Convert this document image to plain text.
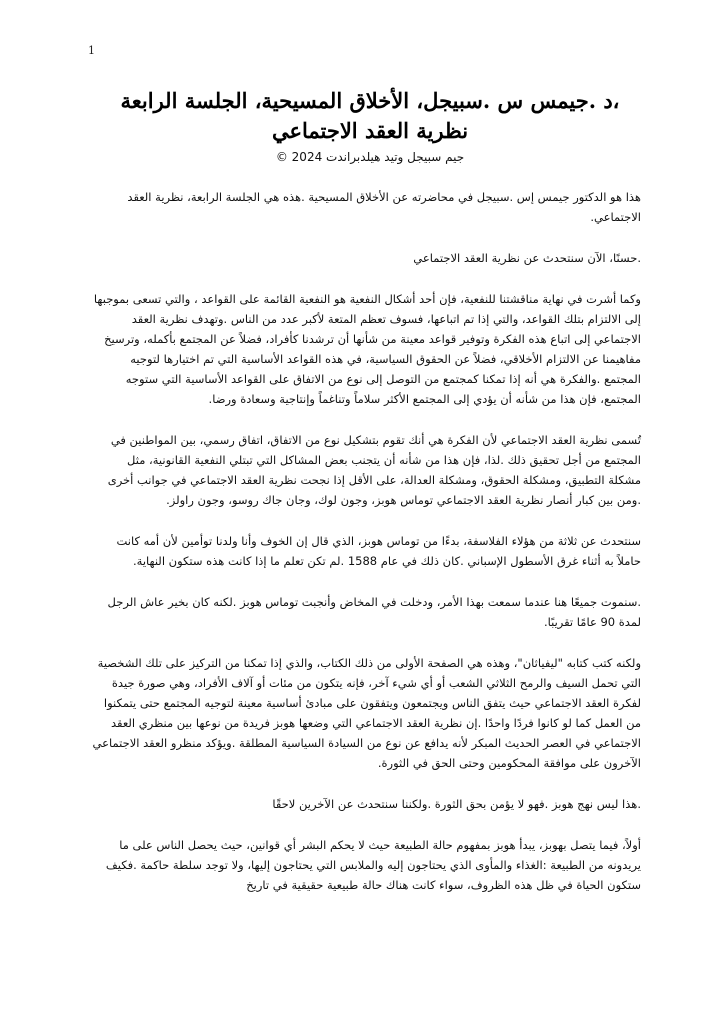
1
،د .جيمس س .سبيجل، الأخلاق المسيحية، الجلسة الرابعة
نظرية العقد الاجتماعي
جيم سبيجل وتيد هيلدبراندت 2024 ©

هذا هو الدكتور جيمس إس .سبيجل في محاضرته عن الأخلاق المسيحية .هذه هي الجلسة الرابعة، نظرية العقد الاجتماعي.

.حسنًا، الآن سنتحدث عن نظرية العقد الاجتماعي

وكما أشرت في نهاية مناقشتنا للنفعية، فإن أحد أشكال النفعية هو النفعية القائمة على القواعد ، والتي تسعى بموجبها إلى الالتزام بتلك القواعد، والتي إذا تم اتباعها، فسوف تعظم المتعة لأكبر عدد من الناس .وتهدف نظرية العقد الاجتماعي إلى اتباع هذه الفكرة وتوفير قواعد معينة من شأنها أن ترشدنا كأفراد، فضلاً عن المجتمع بأكمله، وترسيخ مفاهيمنا عن الالتزام الأخلاقي، فضلاً عن الحقوق السياسية، في هذه القواعد الأساسية التي تم اختيارها لتوجيه المجتمع .والفكرة هي أنه إذا تمكنا كمجتمع من التوصل إلى نوع من الاتفاق على القواعد الأساسية التي ستوجه المجتمع، فإن هذا من شأنه أن يؤدي إلى المجتمع الأكثر سلاماً وتناغماً وإنتاجية وسعادة ورضا.

تُسمى نظرية العقد الاجتماعي لأن الفكرة هي أنك تقوم بتشكيل نوع من الاتفاق، اتفاق رسمي، بين المواطنين في المجتمع من أجل تحقيق ذلك .لذا، فإن هذا من شأنه أن يتجنب بعض المشاكل التي تبتلي النفعية القانونية، مثل مشكلة التطبيق، ومشكلة الحقوق، ومشكلة العدالة، على الأقل إذا نجحت نظرية العقد الاجتماعي في جوانب أخرى .ومن بين كبار أنصار نظرية العقد الاجتماعي توماس هوبز، وجون لوك، وجان جاك روسو، وجون راولز.

سنتحدث عن ثلاثة من هؤلاء الفلاسفة، بدءًا من توماس هوبز، الذي قال إن الخوف وأنا ولدنا توأمين لأن أمه كانت حاملاً به أثناء غرق الأسطول الإسباني .كان ذلك في عام 1588 .لم تكن تعلم ما إذا كانت هذه ستكون النهاية.

.سنموت جميعًا هنا عندما سمعت بهذا الأمر، ودخلت في المخاض وأنجبت توماس هوبز .لكنه كان بخير عاش الرجل لمدة 90 عامًا تقريبًا.

ولكنه كتب كتابه "ليفياثان"، وهذه هي الصفحة الأولى من ذلك الكتاب، والذي إذا تمكنا من التركيز على تلك الشخصية التي تحمل السيف والرمح الثلاثي الشعب أو أي شيء آخر، فإنه يتكون من مئات أو آلاف الأفراد، وهي صورة جيدة لفكرة العقد الاجتماعي حيث يتفق الناس ويجتمعون ويتفقون على مبادئ أساسية معينة لتوجيه المجتمع حتى يتمكنوا من العمل كما لو كانوا فردًا واحدًا .إن نظرية العقد الاجتماعي التي وضعها هوبز فريدة من نوعها بين منظري العقد الاجتماعي في العصر الحديث المبكر لأنه يدافع عن نوع من السيادة السياسية المطلقة .ويؤكد منظرو العقد الاجتماعي الآخرون على موافقة المحكومين وحتى الحق في الثورة.

.هذا ليس نهج هوبز .فهو لا يؤمن بحق الثورة .ولكننا سنتحدث عن الآخرين لاحقًا

أولاً، فيما يتصل بهوبز، يبدأ هوبز بمفهوم حالة الطبيعة حيث لا يحكم البشر أي قوانين، حيث يحصل الناس على ما يريدونه من الطبيعة :الغذاء والمأوى الذي يحتاجون إليه والملابس التي يحتاجون إليها، ولا توجد سلطة حاكمة .فكيف ستكون الحياة في ظل هذه الظروف، سواء كانت هناك حالة طبيعية حقيقية في تاريخ
